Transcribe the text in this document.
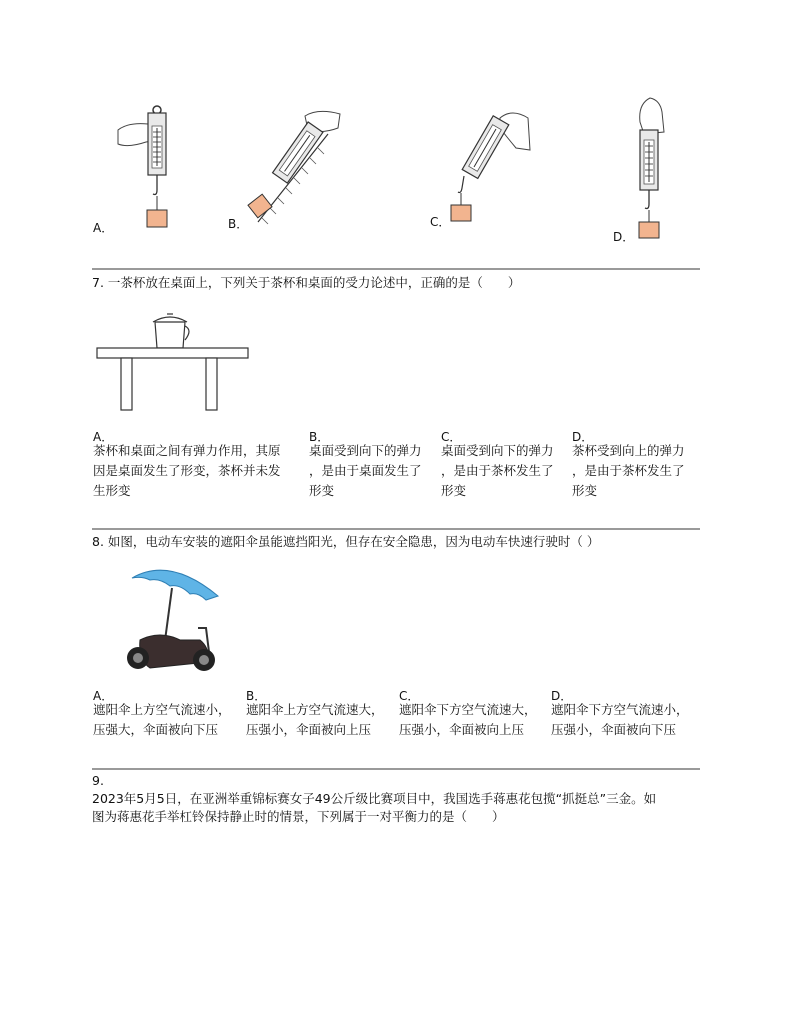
A．	B．	C．
D．
7. 一茶杯放在桌面上，下列关于茶杯和桌面的受力论述中，正确的是（　　）
A．
茶杯和桌面之间有弹力作用，其原
因是桌面发生了形变，茶杯并未发
生形变
B．
桌面受到向下的弹力
，是由于桌面发生了
形变
C．
桌面受到向下的弹力
，是由于茶杯发生了
形变
D．
茶杯受到向上的弹力
，是由于茶杯发生了
形变
8. 如图，电动车安装的遮阳伞虽能遮挡阳光，但存在安全隐患，因为电动车快速行驶时（ ）
A．
遮阳伞上方空气流速小，
压强大，伞面被向下压
B．
遮阳伞上方空气流速大，
压强小，伞面被向上压
C．
遮阳伞下方空气流速大，
压强小，伞面被向上压
D．
遮阳伞下方空气流速小，
压强小，伞面被向下压
9.
2023年5月5日，在亚洲举重锦标赛女子49公斤级比赛项目中，我国选手蒋惠花包揽“抓挺总”三金。如
图为蒋惠花手举杠铃保持静止时的情景，下列属于一对平衡力的是（　　）
